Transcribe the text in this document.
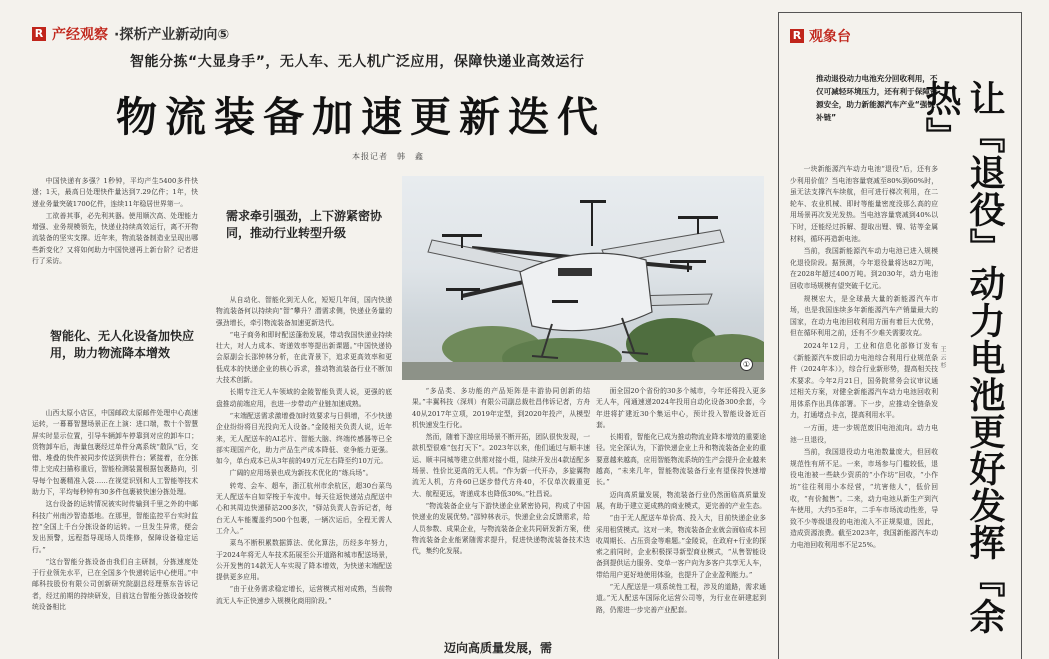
R 产经观察 ·探析产业新动向⑤
智能分拣“大显身手”，无人车、无人机广泛应用，保障快递业高效运行
物流装备加速更新迭代
本报记者　韩　鑫

中国快递有多强？1秒钟，平均产生5400多件快递；1天，最高日处理快件量达到7.29亿件；1年，快递业务量突破1700亿件，连续11年稳居世界第一。

工欲善其事，必先利其器。使用顺次高、处理能力增强、业务规模领先，快递业持续高效运行，离不开物流装备的坚实支撑。近年来，物流装备制造业呈现出哪些新变化？又将如何助力中国快递再上新台阶？记者进行了采访。

智能化、无人化设备加快应用，助力物流降本增效

山西太原小店区，中国邮政太原邮件处理中心高速运转，一幕幕智慧场景正在上演：进口端，数十个智慧屏实时显示位置，引导车辆卸车停靠到对应的卸车口；货物卸车后，海量包裹经过单件分离系统“散队”后，交错、堆叠的快件被同步传送到供件台；紧接着，在分拣带上完成扫描称重后，智能检测装置根据包裹路向，引导每个包裹精准入袋……在视觉识别和人工智能等技术助力下，平均每秒钟有30多件包裹被快速分拣处理。

这台设备的运转情况被实时传输到千里之外的中邮科技广州南沙智造基地。在那里，智能监控平台实时监控“全国上千台分拣设备的运转。一旦发生异常，便会发出预警，远程指导现场人员维修，保障设备稳定运行。”

“这台智能分拣设备由我们自主研制，分拣速度处于行业领先水平，已在全国多个快递转运中心使用。”中邮科技股份有限公司创新研究院副总经理蔡东告诉记者，经过前期的持续研发，目前这台智能分拣设备较传统设备相比

需求牵引强劲，上下游紧密协同，推动行业转型升级

从自动化、智能化到无人化，短短几年间，国内快递物流装备何以持续向“智”攀升？潜需求侧，快递业务量的强劲增长，牵引物流装备加速更新迭代。

“电子商务和即时配送蓬勃发展，带动我国快递业持续壮大，对人力成本、寄递效率等提出新课题。”中国快递协会原副会长邵钟林分析，在此背景下，追求更高效率和更低成本的快递企业的核心诉求，推动物流装备行业不断加大技术创新。

长期专注无人车领域的金陵智能负责人说，更强的底盘推动前端应用，也进一步带动产业链加速成熟。

“末端配送需求激增叠加时效要求与日俱增，不少快递企业纷纷将目光投向无人设备。”金陵相关负责人说，近年来，无人配送车的AI芯片、智能大脑、终端传感器等已全部实现国产化，助力产品生产成本降低、竞争能力更强。如今，单台成本已从3年前的49万元左右降至约10万元。

广阔的应用场景也成为新技术优化的“练兵场”。

转弯、会车、超车，浙江杭州市余杭区，超30台菜鸟无人配送车自如穿梭于车流中。每天往返快递站点配送中心和其周边快递驿站200多次，“驿站负责人告诉记者，每台无人车能覆盖约500个包裹，一辆次运后，全程无需人工介入。”

菜鸟不断积累数据算法、优化算法，历经多年努力，于2024年将无人车技术拓展至公开道路和城市配送场景，公开发售的14款无人车实现了降本增效，为快递末端配送提供更多应用。

“由于业务需求稳定增长，运营模式相对成熟，当前物流无人车正快速步入规模化商用阶段。”

①

“多品类、多功能的产品矩阵是丰游协同创新的结果。”丰翼科技（深圳）有限公司副总裁杜昌伟诉记者，方舟40从2017年立项，2019年定型，到2020年投产，从模型机快速发生行化。

然而，随着下游应用场景不断开拓，团队很快发现，一款机型很难“包打天下”。2023年以来，他们通过与顺丰速运、顺丰同城等建立供需对接小组，陆续开发出4款适配多场景、性价比更高的无人机。“作为新一代开办，多旋翼物流无人机，方舟60已逐步替代方舟40，不仅单次载重更大、航程更远，寄递成本也降低30%。”杜昌说。

“物流装备企业与下游快递企业紧密协同，构成了中国快递业的发展优势。”邵钟林表示，快递企业会反馈需求，给人员参数、成果企业，与物流装备企业共同研发新方案，使物流装备企业能紧随需求提升，促进快递物流装备技术迭代，集约化发展。

迈向高质量发展，需

面全国20个省份的30多个城市，今年还将投入更多无人车，闯通速递2024年投用自动化设备300余套，今年进将扩建近30个集运中心，预计投入智能设备近百套。

长期看，智能化已成为推动物流业降本增效的重要途径。完全深认为，下游快递企业上升和物流装备企业的重要意越来越高，应用智能物流系统的生产会提升企业越来越高，“未来几年，智能物流装备行业有望保持快速增长。”

迈向高质量发展，物流装备行业仍然面临高质量发展，有助于建立更成熟的商业模式，更完善的产业生态。

“由于无人配送车单价高、投入大，目前快递企业多采用租赁模式。这对一来，物流装备企业就会面临成本回收周期长、占压资金等难题。”金陵说，在政府+行业的探索之前同时，企业积极探寻新型商业模式，“从售智能设备到提供运力服务、变单一客户向为多客户共享无人车，带给用户更好地使用体验，也提升了企业盈利能力。”

“无人配送是一项系统性工程，涉及的道路，需求通道。”无人配送车国际化运营公司等，为行业在研建起到路，仍需进一步完善产业配套。

R 观象台
推动退役动力电池充分回收利用，不仅可减轻环境压力，还有利于保障资源安全，助力新能源汽车产业“强链补链”	让『退役』动力电池更好发挥『余热』
王云杉

一块新能源汽车动力电池“退役”后，还有多少利用价值？当电池容量衰减至80%到60%时，虽无法支撑汽车续航，但可进行梯次利用，在二轮车、农业机械、即时等能量密度没那么高的应用场景再次发光发热。当电池容量衰减到40%以下时，还能经过拆解、提取出锂、镍、钴等金属材料，循环再造新电池。

当前，我国新能源汽车动力电池已进入规模化退役阶段。据预测，今年退役量将达82万吨，在2028年超过400万吨。到2030年，动力电池回收市场规模有望突破千亿元。

规模宏大，是全球最大量的新能源汽车市场，也是我国连续多年新能源汽车产销量最大的国家，在动力电池回收利用方面有着巨大优势，但在循环利用之前，还有不少难关需要攻克。

2024年12月，工业和信息化部修订发布《新能源汽车废旧动力电池综合利用行业规范条件（2024年本）》，综合行业新形势，提高相关技术要求。今年2月21日，国务院常务会议审议通过相关方案，对健全新能源汽车动力电池回收利用体系作出具体部署。下一步，应推动全链条发力，打通堵点卡点，提高利用水平。

一方面，进一步规范废旧电池流向。动力电池一旦退役，

当前，我国退役动力电池数量庞大，但回收规范性有所不足。一来，市场参与门槛较低，退役电池被一些缺少资质的“小作坊”回收，“小作坊”往往利用小本经营，“坑害他人”，低价回收，“有价抛售”。二来，动力电池从新生产到汽车使用，大约5至8年，二手车市场流动性差，导致不少等级退役的电池流入不正规渠道，因此，造成资源浪费。截至2023年，我国新能源汽车动力电池回收利用率不足25%。
